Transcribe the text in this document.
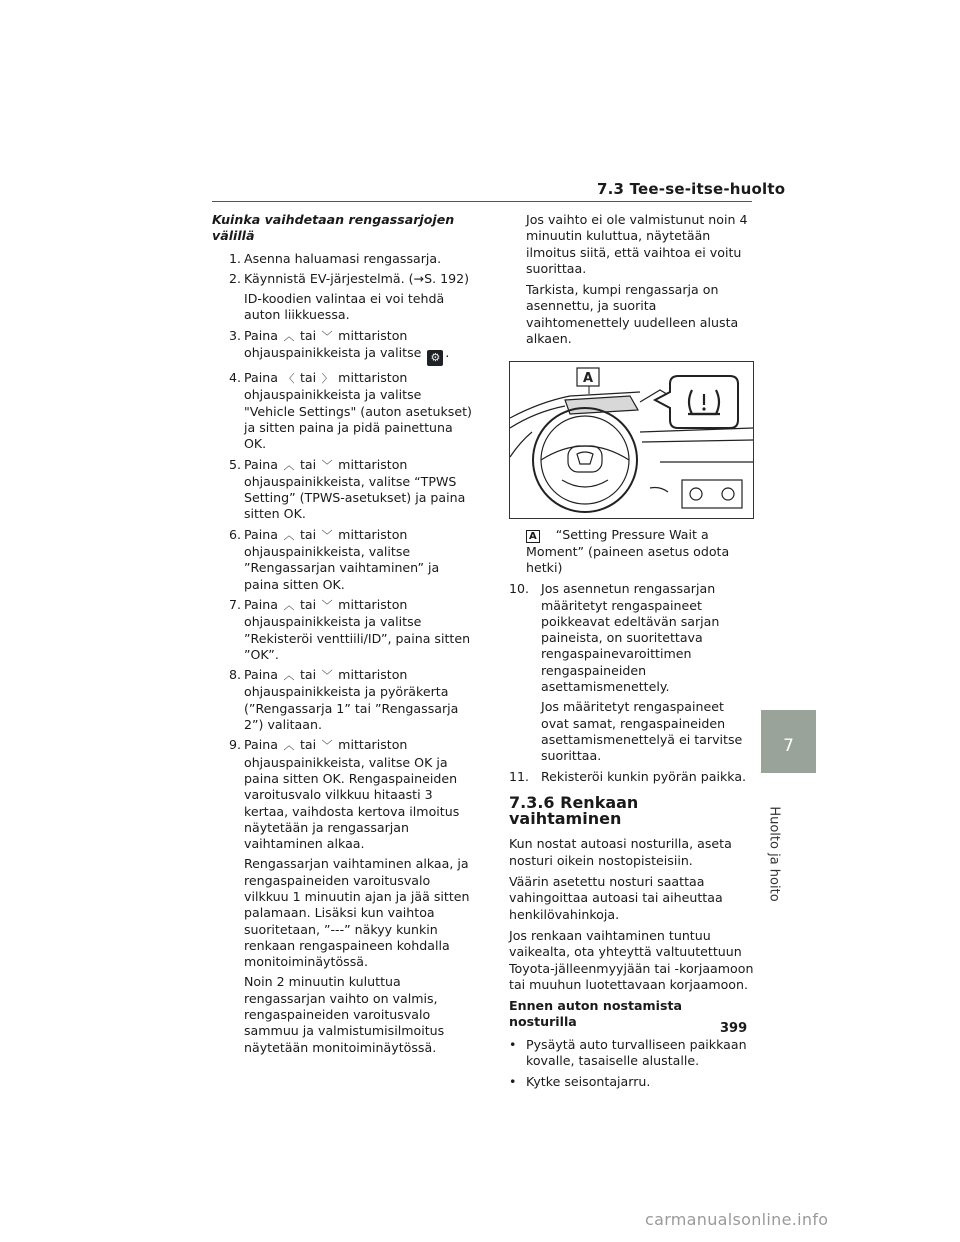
7.3 Tee-se-itse-huolto
Kuinka vaihdetaan rengassarjojen välillä
1. Asenna haluamasi rengassarja.
2. Käynnistä EV-järjestelmä. (→S. 192)
ID-koodien valintaa ei voi tehdä auton liikkuessa.
3. Paina ︿ tai ﹀ mittariston ohjauspainikkeista ja valitse ⚙ .
4. Paina 〈 tai 〉 mittariston ohjauspainikkeista ja valitse "Vehicle Settings" (auton asetukset) ja sitten paina ja pidä painettuna OK.
5. Paina ︿ tai ﹀ mittariston ohjauspainikkeista, valitse “TPWS Setting” (TPWS-asetukset) ja paina sitten OK.
6. Paina ︿ tai ﹀ mittariston ohjauspainikkeista, valitse ”Rengassarjan vaihtaminen” ja paina sitten OK.
7. Paina ︿ tai ﹀ mittariston ohjauspainikkeista ja valitse ”Rekisteröi venttiili/ID”, paina sitten ”OK”.
8. Paina ︿ tai ﹀ mittariston ohjauspainikkeista ja pyöräkerta (”Rengassarja 1” tai ”Rengassarja 2”) valitaan.
9. Paina ︿ tai ﹀ mittariston ohjauspainikkeista, valitse OK ja paina sitten OK. Rengaspaineiden varoitusvalo vilkkuu hitaasti 3 kertaa, vaihdosta kertova ilmoitus näytetään ja rengassarjan vaihtaminen alkaa.
Rengassarjan vaihtaminen alkaa, ja rengaspaineiden varoitusvalo vilkkuu 1 minuutin ajan ja jää sitten palamaan. Lisäksi kun vaihtoa suoritetaan, ”---” näkyy kunkin renkaan rengaspaineen kohdalla monitoiminäytössä.
Noin 2 minuutin kuluttua rengassarjan vaihto on valmis, rengaspaineiden varoitusvalo sammuu ja valmistumisilmoitus näytetään monitoiminäytössä.
Jos vaihto ei ole valmistunut noin 4 minuutin kuluttua, näytetään ilmoitus siitä, että vaihtoa ei voitu suorittaa.
Tarkista, kumpi rengassarja on asennettu, ja suorita vaihtomenettely uudelleen alusta alkaen.
A
A “Setting Pressure Wait a Moment” (paineen asetus odota hetki)
10. Jos asennetun rengassarjan määritetyt rengaspaineet poikkeavat edeltävän sarjan paineista, on suoritettava rengaspainevaroittimen rengaspaineiden asettamismenettely.
Jos määritetyt rengaspaineet ovat samat, rengaspaineiden asettamismenettelyä ei tarvitse suorittaa.
11. Rekisteröi kunkin pyörän paikka.
7.3.6 Renkaan vaihtaminen
Kun nostat autoasi nosturilla, aseta nosturi oikein nostopisteisiin.
Väärin asetettu nosturi saattaa vahingoittaa autoasi tai aiheuttaa henkilövahinkoja.
Jos renkaan vaihtaminen tuntuu vaikealta, ota yhteyttä valtuutettuun Toyota-jälleenmyyjään tai -korjaamoon tai muuhun luotettavaan korjaamoon.
Ennen auton nostamista nosturilla
• Pysäytä auto turvalliseen paikkaan kovalle, tasaiselle alustalle.
• Kytke seisontajarru.
7
Huolto ja hoito
399
carmanualsonline.info
